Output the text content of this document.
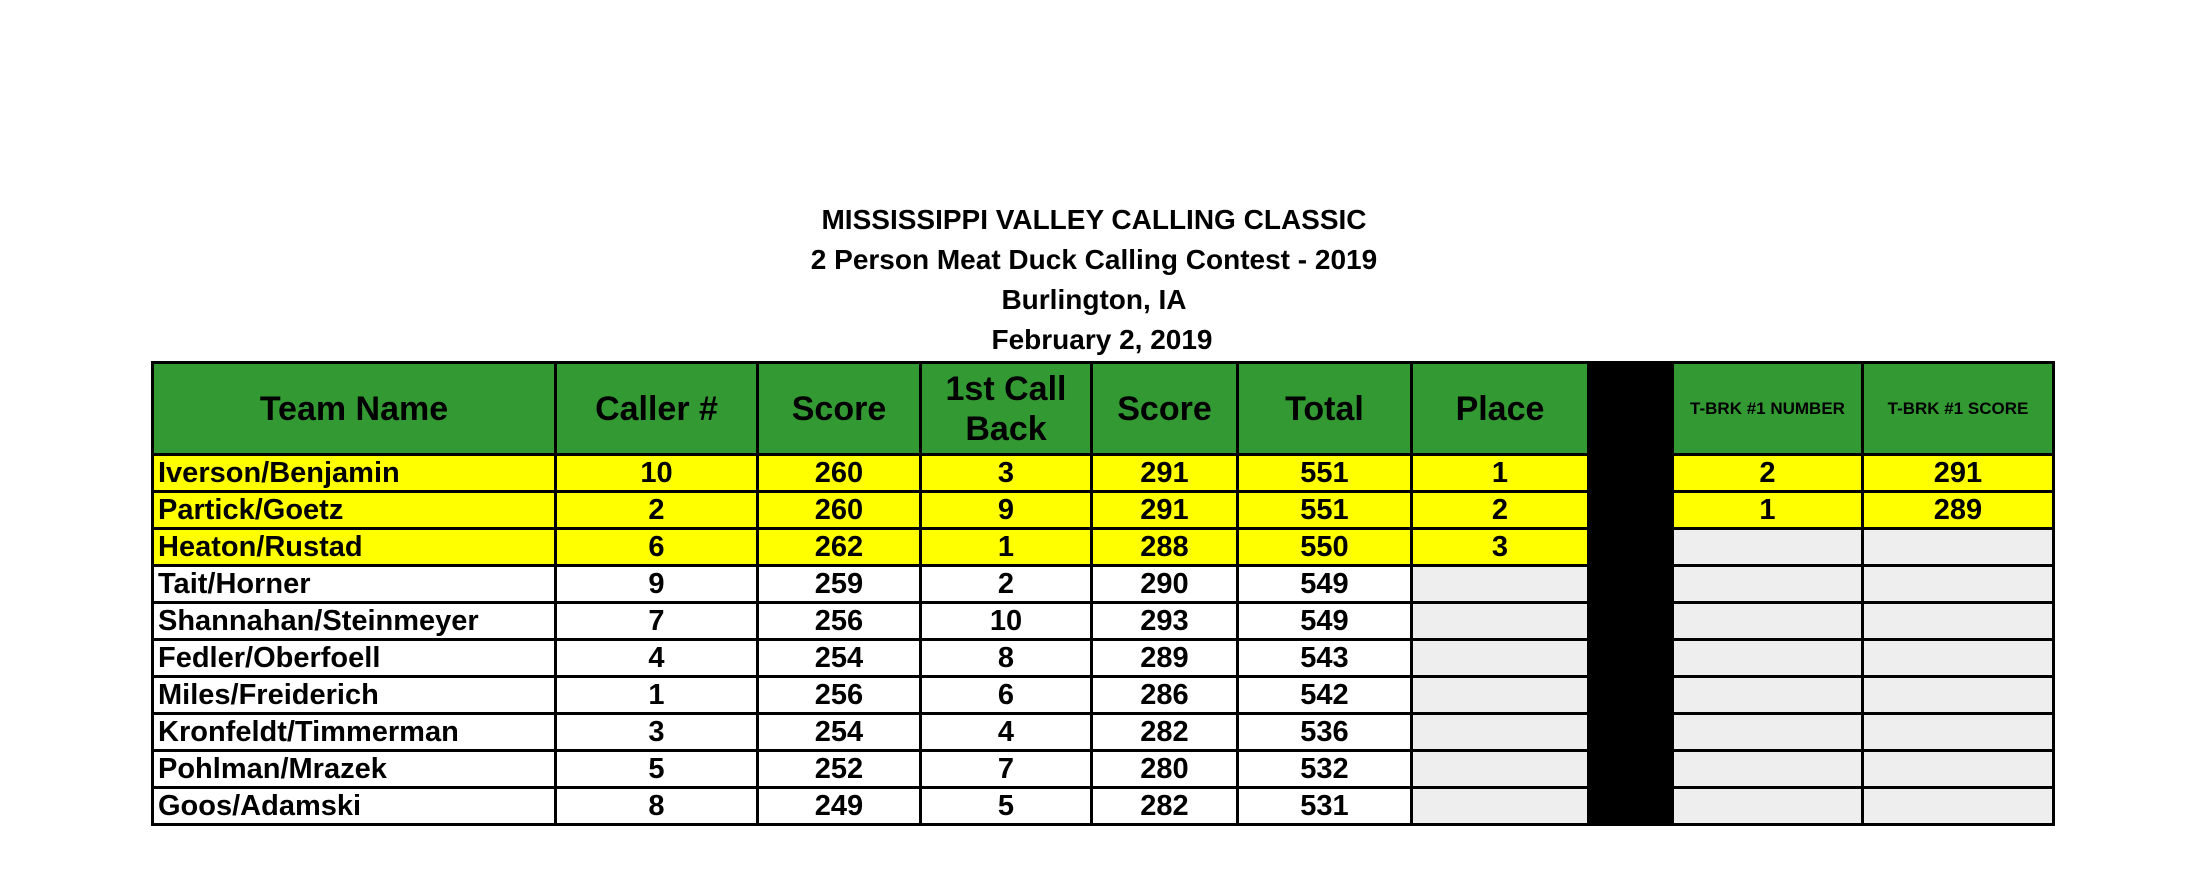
MISSISSIPPI VALLEY CALLING CLASSIC
2 Person Meat Duck Calling Contest - 2019
Burlington, IA
February 2, 2019
Team Name	Caller #	Score	1st Call Back	Score	Total	Place		T-BRK #1 NUMBER	T-BRK #1 SCORE
Iverson/Benjamin	10	260	3	291	551	1		2	291
Partick/Goetz	2	260	9	291	551	2		1	289
Heaton/Rustad	6	262	1	288	550	3			
Tait/Horner	9	259	2	290	549				
Shannahan/Steinmeyer	7	256	10	293	549				
Fedler/Oberfoell	4	254	8	289	543				
Miles/Freiderich	1	256	6	286	542				
Kronfeldt/Timmerman	3	254	4	282	536				
Pohlman/Mrazek	5	252	7	280	532				
Goos/Adamski	8	249	5	282	531				
